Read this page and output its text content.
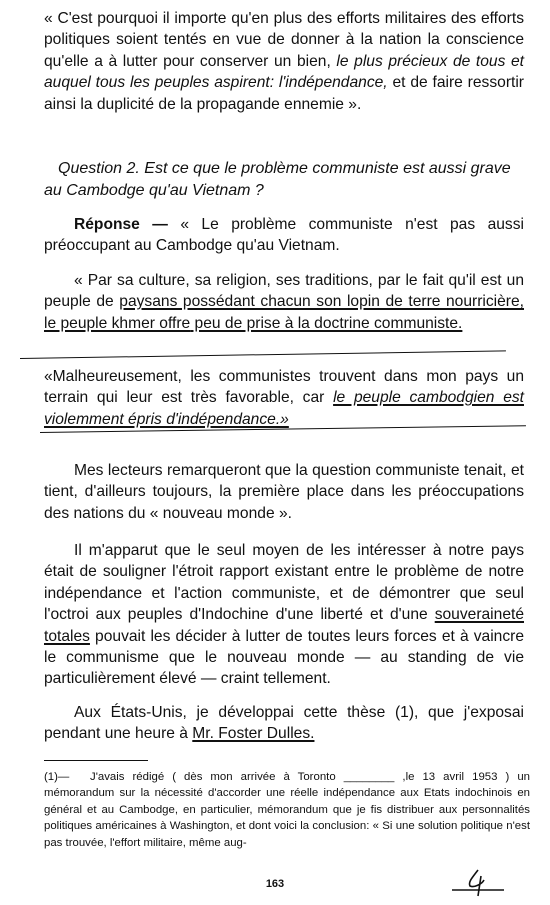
« C'est pourquoi il importe qu'en plus des efforts militaires des efforts politiques soient tentés en vue de donner à la nation la conscience qu'elle a à lutter pour conserver un bien, le plus précieux de tous et auquel tous les peuples aspirent: l'indépendance, et de faire ressortir ainsi la duplicité de la propagande ennemie ».

Question 2. Est ce que le problème communiste est aussi grave au Cambodge qu'au Vietnam ?

Réponse — « Le problème communiste n'est pas aussi préoccupant au Cambodge qu'au Vietnam.

« Par sa culture, sa religion, ses traditions, par le fait qu'il est un peuple de paysans possédant chacun son lopin de terre nourricière, le peuple khmer offre peu de prise à la doctrine communiste.

«Malheureusement, les communistes trouvent dans mon pays un terrain qui leur est très favorable, car le peuple cambodgien est violemment épris d'indépendance.»

Mes lecteurs remarqueront que la question communiste tenait, et tient, d'ailleurs toujours, la première place dans les préoccupations des nations du « nouveau monde ».

Il m'apparut que le seul moyen de les intéresser à notre pays était de souligner l'étroit rapport existant entre le problème de notre indépendance et l'action communiste, et de démontrer que seul l'octroi aux peuples d'Indochine d'une liberté et d'une souveraineté totales pouvait les décider à lutter de toutes leurs forces et à vaincre le communisme que le nouveau monde — au standing de vie particulièrement élevé — craint tellement.

Aux États-Unis, je développai cette thèse (1), que j'exposai pendant une heure à Mr. Foster Dulles.

(1)— J'avais rédigé ( dès mon arrivée à Toronto ________ ,le 13 avril 1953 ) un mémorandum sur la nécessité d'accorder une réelle indépendance aux Etats indochinois en général et au Cambodge, en particulier, mémorandum que je fis distribuer aux personnalités politiques américaines à Washington, et dont voici la conclusion: « Si une solution politique n'est pas trouvée, l'effort militaire, même aug-

163
